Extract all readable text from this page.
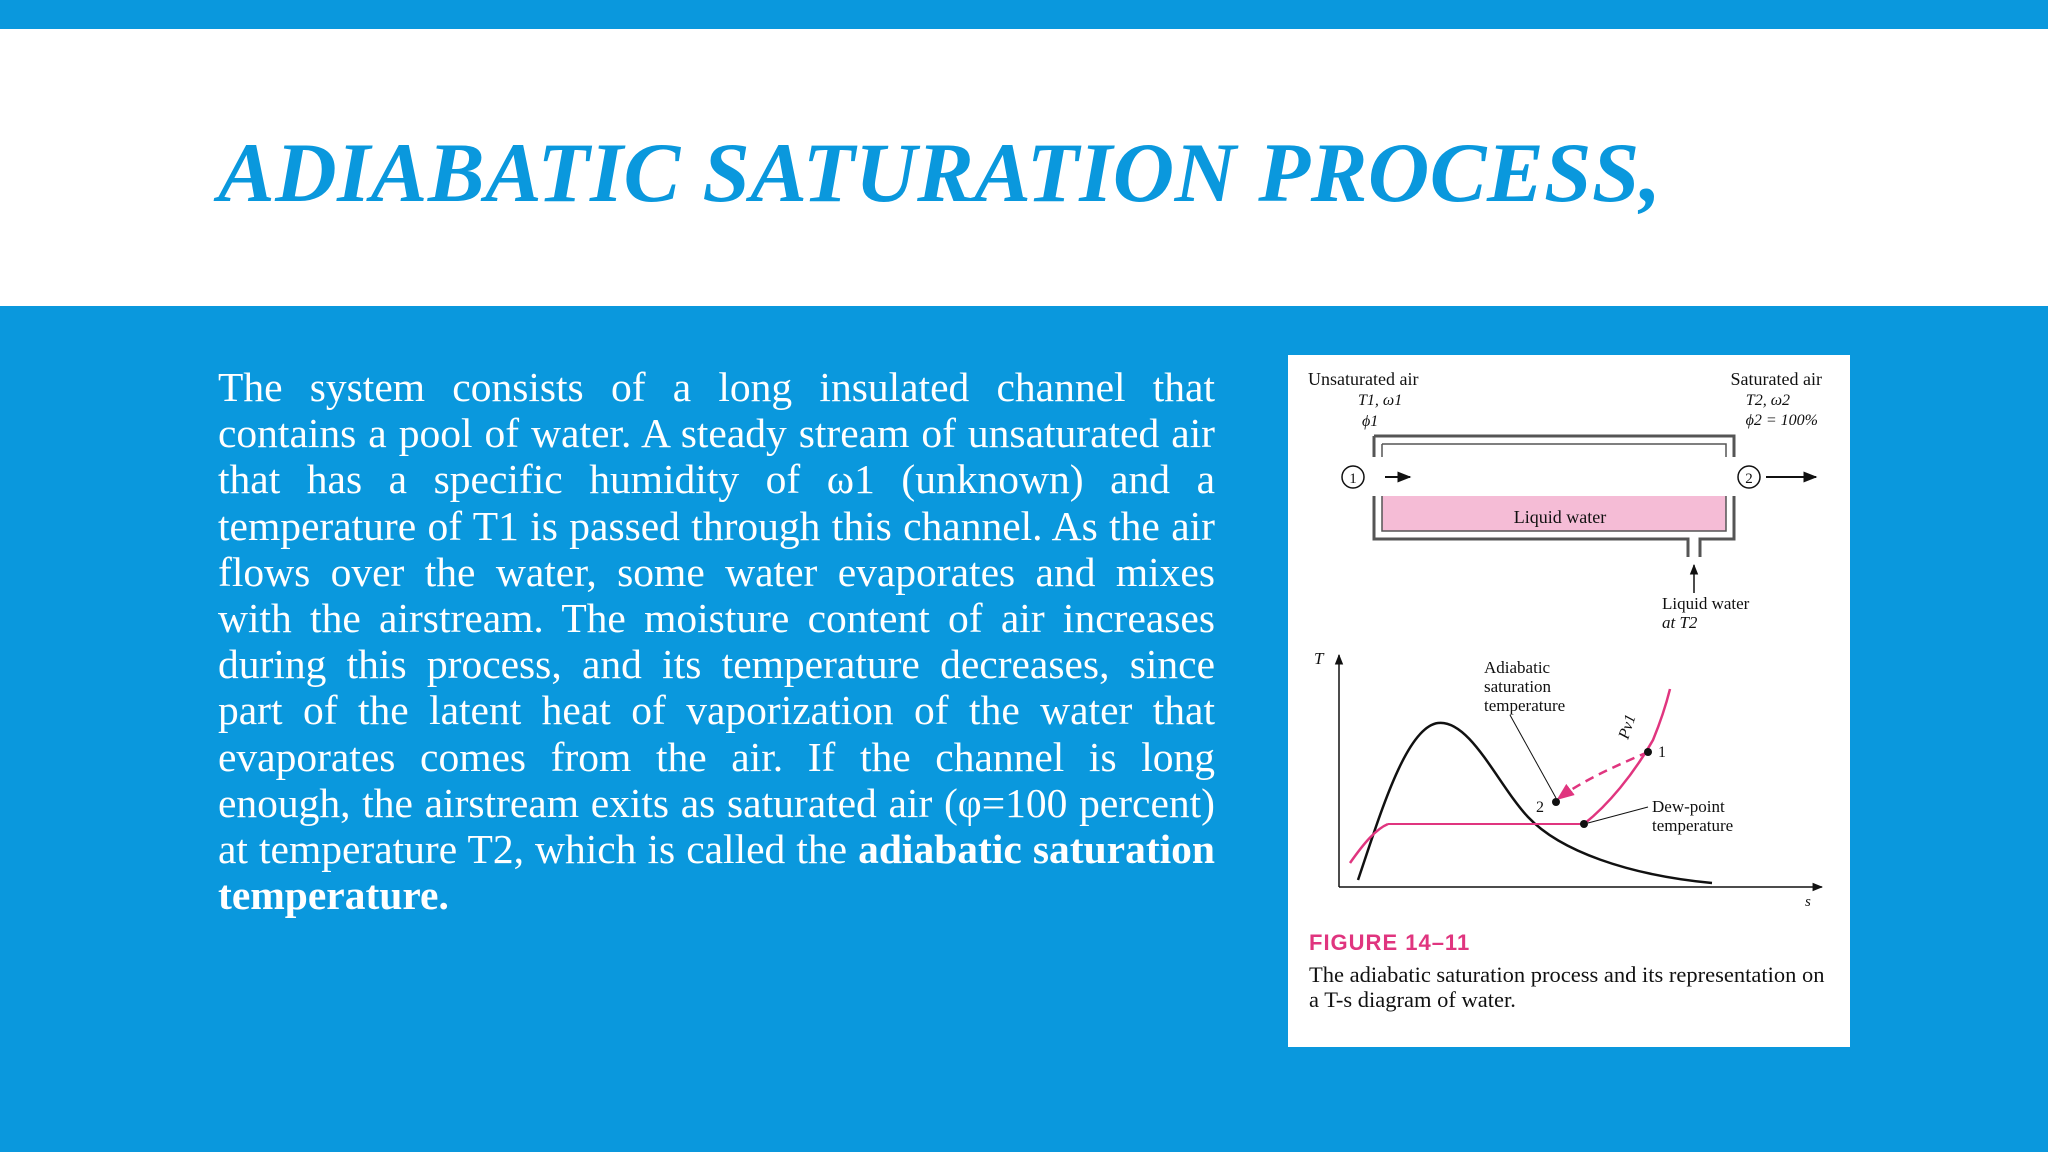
ADIABATIC SATURATION PROCESS,

The system consists of a long insulated channel that contains a pool of water. A steady stream of unsaturated air that has a specific humidity of ω1 (unknown) and a temperature of T1 is passed through this channel. As the air flows over the water, some water evaporates and mixes with the airstream. The moisture content of air increases during this process, and its temperature decreases, since part of the latent heat of vaporization of the water that evaporates comes from the air. If the channel is long enough, the airstream exits as saturated air (φ=100 percent) at temperature T2, which is called the adiabatic saturation temperature.

Unsaturated air
T1, ω1
ϕ1
Saturated air
T2, ω2
ϕ2 = 100%
Liquid water
1	2
Liquid water
at T2
T
s
1
2
Pv1
Adiabatic
saturation
temperature
Dew-point
temperature

FIGURE 14–11

The adiabatic saturation process and its representation on a T-s diagram of water.
